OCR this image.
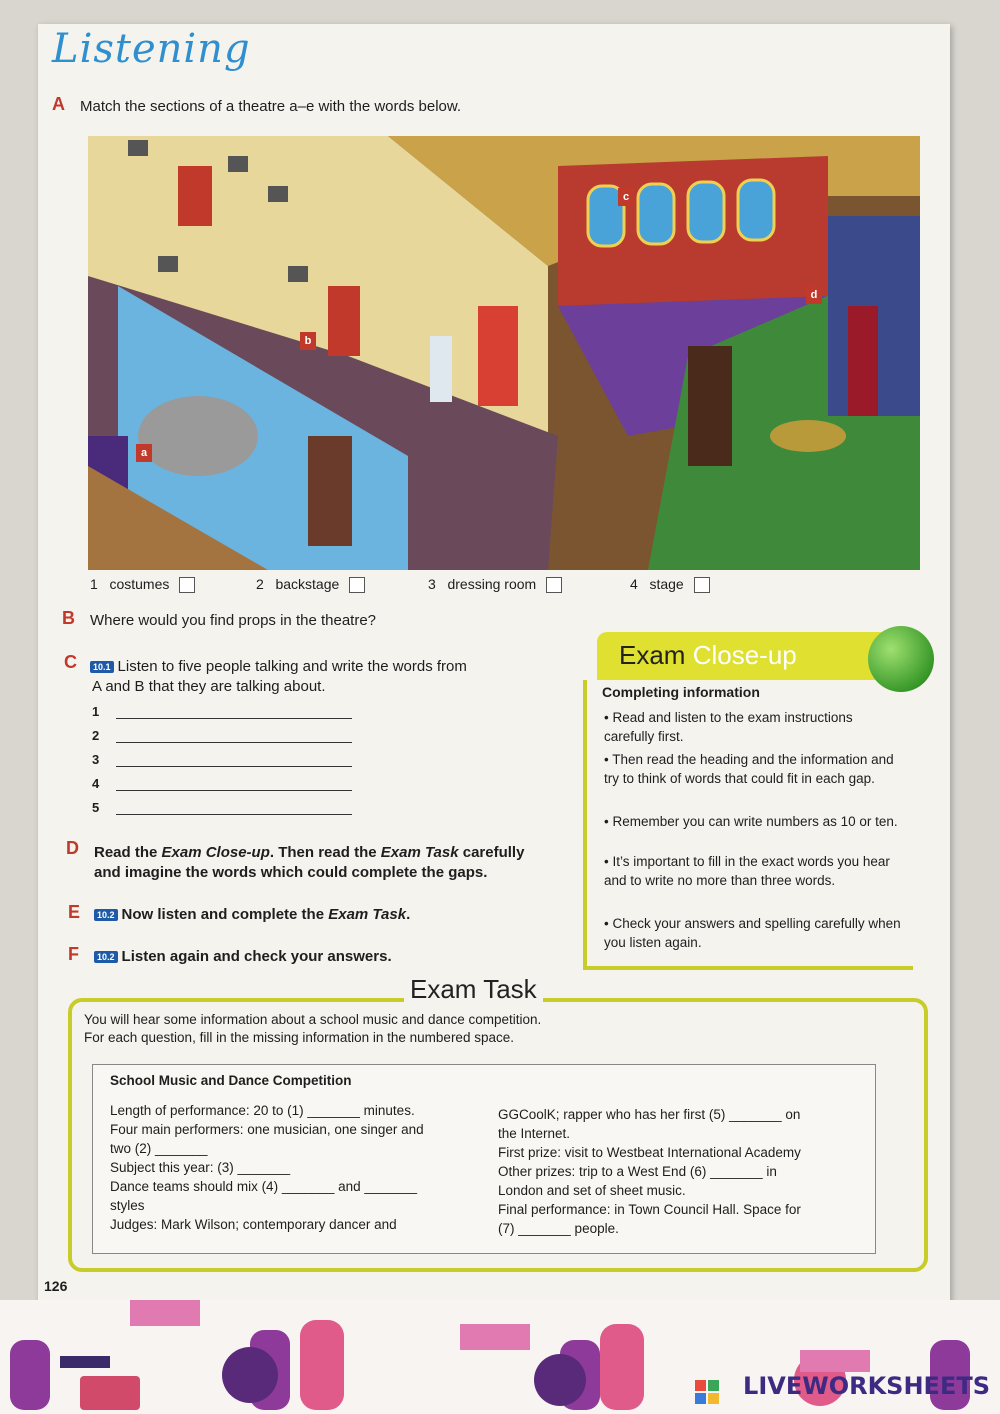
Listening
A Match the sections of a theatre a–e with the words below.
a
b
c
d
1 costumes	2 backstage	3 dressing room	4 stage
B Where would you find props in the theatre?
C	10.1 Listen to five people talking and write the words from
A and B that they are talking about.
1
2
3
4
5
D Read the Exam Close-up. Then read the Exam Task carefully
and imagine the words which could complete the gaps.
E	10.2 Now listen and complete the Exam Task.
F	10.2 Listen again and check your answers.
Exam Close-up
Completing information
• Read and listen to the exam instructions carefully first.
• Then read the heading and the information and try to think of words that could fit in each gap.
• Remember you can write numbers as 10 or ten.
• It’s important to fill in the exact words you hear and to write no more than three words.
• Check your answers and spelling carefully when you listen again.
Exam Task
You will hear some information about a school music and dance competition.
For each question, fill in the missing information in the numbered space.
School Music and Dance Competition
Length of performance: 20 to (1) _______ minutes.
Four main performers: one musician, one singer and
two (2) _______
Subject this year: (3) _______
Dance teams should mix (4) _______ and _______
styles
Judges: Mark Wilson; contemporary dancer and
GGCoolK; rapper who has her first (5) _______ on
the Internet.
First prize: visit to Westbeat International Academy
Other prizes: trip to a West End (6) _______ in
London and set of sheet music.
Final performance: in Town Council Hall. Space for
(7) _______ people.
126
LIVEWORKSHEETS
